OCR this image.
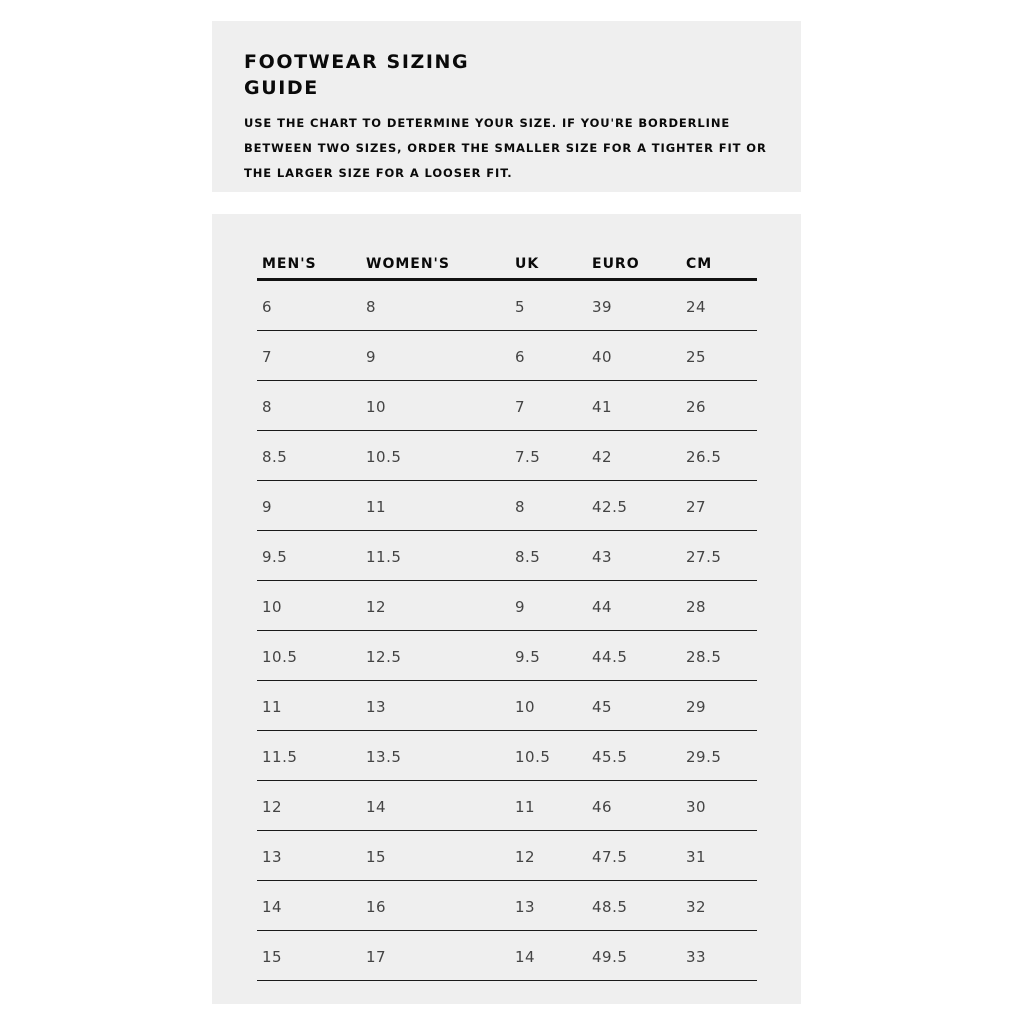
FOOTWEAR SIZING GUIDE

USE THE CHART TO DETERMINE YOUR SIZE. IF YOU'RE BORDERLINE BETWEEN TWO SIZES, ORDER THE SMALLER SIZE FOR A TIGHTER FIT OR THE LARGER SIZE FOR A LOOSER FIT.

MEN'S	WOMEN'S	UK	EURO	CM
6	8	5	39	24
7	9	6	40	25
8	10	7	41	26
8.5	10.5	7.5	42	26.5
9	11	8	42.5	27
9.5	11.5	8.5	43	27.5
10	12	9	44	28
10.5	12.5	9.5	44.5	28.5
11	13	10	45	29
11.5	13.5	10.5	45.5	29.5
12	14	11	46	30
13	15	12	47.5	31
14	16	13	48.5	32
15	17	14	49.5	33
